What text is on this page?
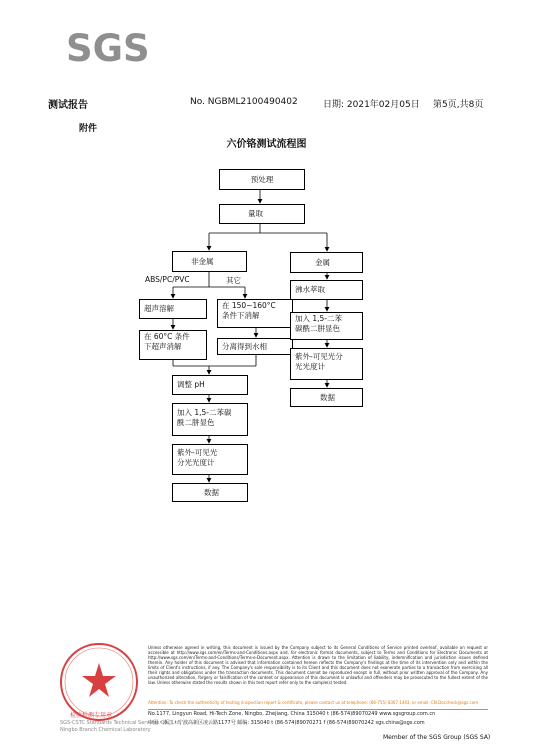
SGS
测试报告	No. NGBML2100490402	日期: 2021年02月05日 第5页,共8页
附件
六价铬测试流程图
预处理
量取
非金属	金属
ABS/PC/PVC	其它
超声溶解	在 150~160°C
条件下消解
在 60°C 条件
下超声消解	分离得到水相
沸水萃取
加入 1,5-二苯
碳酰二肼显色
紫外-可见光分
光光度计
数据
调整 pH
加入 1,5-二苯碳
酰二肼显色
紫外-可见光
分光光度计
数据
检验检测专用章
SGS-CSTC Standards Technical Services Co., Ltd.
Ningbo Branch Chemical Laboratory
Unless otherwise agreed in writing, this document is issued by the Company subject to its General Conditions of Service printed overleaf, available on request or accessible at http://www.sgs.com/en/Terms-and-Conditions.aspx and, for electronic format documents, subject to Terms and Conditions for Electronic Documents at http://www.sgs.com/en/Terms-and-Conditions/Terms-e-Document.aspx. Attention is drawn to the limitation of liability, indemnification and jurisdiction issues defined therein. Any holder of this document is advised that information contained hereon reflects the Company's findings at the time of its intervention only and within the limits of Client's instructions, if any. The Company's sole responsibility is to its Client and this document does not exonerate parties to a transaction from exercising all their rights and obligations under the transaction documents. This document cannot be reproduced except in full, without prior written approval of the Company. Any unauthorized alteration, forgery or falsification of the content or appearance of this document is unlawful and offenders may be prosecuted to the fullest extent of the law. Unless otherwise stated the results shown in this test report refer only to the sample(s) tested.
Attention: To check the authenticity of testing /inspection report & certificate, please contact us at telephone: (86-755) 8307 1443, or email: CN.Doccheck@sgs.com
No.1177, Lingyun Road, Hi-Tech Zone, Ningbo, Zhejiang, China 315040 t (86-574)89070249 www.sgsgroup.com.cn
中国・浙江・宁波高新区凌云路1177号 邮编: 315040 t (86-574)89070271 f (86-574)89070242 sgs.china@sgs.com
Member of the SGS Group (SGS SA)
